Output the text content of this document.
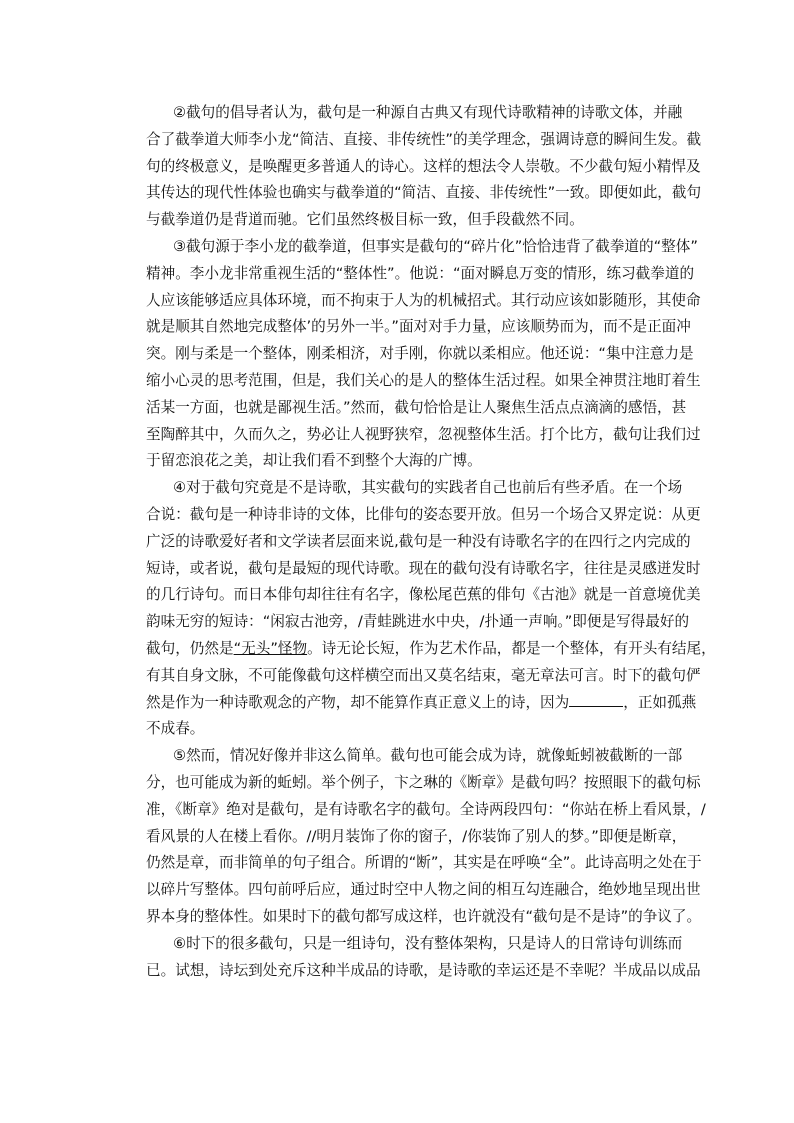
②截句的倡导者认为，截句是一种源自古典又有现代诗歌精神的诗歌文体，并融
合了截拳道大师李小龙“简洁、直接、非传统性”的美学理念，强调诗意的瞬间生发。截
句的终极意义，是唤醒更多普通人的诗心。这样的想法令人崇敬。不少截句短小精悍及
其传达的现代性体验也确实与截拳道的“简洁、直接、非传统性”一致。即便如此，截句
与截拳道仍是背道而驰。它们虽然终极目标一致，但手段截然不同。
③截句源于李小龙的截拳道，但事实是截句的“碎片化”恰恰违背了截拳道的“整体”
精神。李小龙非常重视生活的“整体性”。他说：“面对瞬息万变的情形，练习截拳道的
人应该能够适应具体环境，而不拘束于人为的机械招式。其行动应该如影随形，其使命
就是顺其自然地完成整体’的另外一半。”面对对手力量，应该顺势而为，而不是正面冲
突。刚与柔是一个整体，刚柔相济，对手刚，你就以柔相应。他还说：“集中注意力是
缩小心灵的思考范围，但是，我们关心的是人的整体生活过程。如果全神贯注地盯着生
活某一方面，也就是鄙视生活。”然而，截句恰恰是让人聚焦生活点点滴滴的感悟，甚
至陶醉其中，久而久之，势必让人视野狭窄，忽视整体生活。打个比方，截句让我们过
于留恋浪花之美，却让我们看不到整个大海的广博。
④对于截句究竟是不是诗歌，其实截句的实践者自己也前后有些矛盾。在一个场
合说：截句是一种诗非诗的文体，比俳句的姿态要开放。但另一个场合又界定说：从更
广泛的诗歌爱好者和文学读者层面来说,截句是一种没有诗歌名字的在四行之内完成的
短诗，或者说，截句是最短的现代诗歌。现在的截句没有诗歌名字，往往是灵感迸发时
的几行诗句。而日本俳句却往往有名字，像松尾芭蕉的俳句《古池》就是一首意境优美
韵味无穷的短诗：“闲寂古池旁，/青蛙跳进水中央，/扑通一声响。”即便是写得最好的
截句，仍然是“无头”怪物。诗无论长短，作为艺术作品，都是一个整体，有开头有结尾，
有其自身文脉，不可能像截句这样横空而出又莫名结束，毫无章法可言。时下的截句俨
然是作为一种诗歌观念的产物，却不能算作真正意义上的诗，因为	，正如孤燕
不成春。
⑤然而，情况好像并非这么简单。截句也可能会成为诗，就像蚯蚓被截断的一部
分，也可能成为新的蚯蚓。举个例子，卞之琳的《断章》是截句吗？按照眼下的截句标
准，《断章》绝对是截句，是有诗歌名字的截句。全诗两段四句：“你站在桥上看风景，/
看风景的人在楼上看你。//明月装饰了你的窗子，/你装饰了别人的梦。”即便是断章，
仍然是章，而非简单的句子组合。所谓的“断”，其实是在呼唤“全”。此诗高明之处在于
以碎片写整体。四句前呼后应，通过时空中人物之间的相互勾连融合，绝妙地呈现出世
界本身的整体性。如果时下的截句都写成这样，也许就没有“截句是不是诗”的争议了。
⑥时下的很多截句，只是一组诗句，没有整体架构，只是诗人的日常诗句训练而
已。试想，诗坛到处充斥这种半成品的诗歌，是诗歌的幸运还是不幸呢？半成品以成品
